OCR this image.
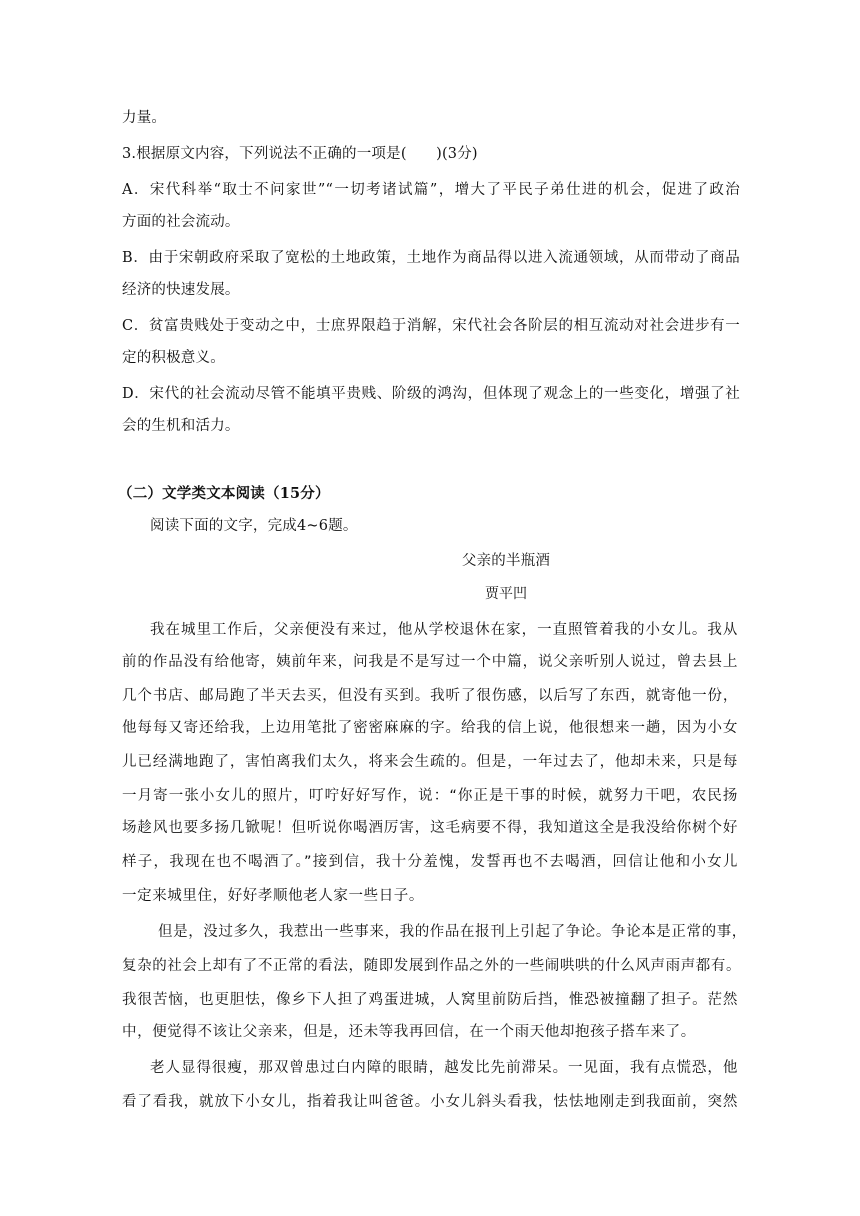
力量。
3.根据原文内容，下列说法不正确的一项是(　　)(3分)
A．宋代科举“取士不问家世”“一切考诸试篇”，增大了平民子弟仕进的机会，促进了政治
方面的社会流动。
B．由于宋朝政府采取了宽松的土地政策，土地作为商品得以进入流通领域，从而带动了商品
经济的快速发展。
C．贫富贵贱处于变动之中，士庶界限趋于消解，宋代社会各阶层的相互流动对社会进步有一
定的积极意义。
D．宋代的社会流动尽管不能填平贵贱、阶级的鸿沟，但体现了观念上的一些变化，增强了社
会的生机和活力。
（二）文学类文本阅读（15分）
阅读下面的文字，完成4~6题。
父亲的半瓶酒
贾平凹
我在城里工作后，父亲便没有来过，他从学校退休在家，一直照管着我的小女儿。我从
前的作品没有给他寄，姨前年来，问我是不是写过一个中篇，说父亲听别人说过，曾去县上
几个书店、邮局跑了半天去买，但没有买到。我听了很伤感，以后写了东西，就寄他一份，
他每每又寄还给我，上边用笔批了密密麻麻的字。给我的信上说，他很想来一趟，因为小女
儿已经满地跑了，害怕离我们太久，将来会生疏的。但是，一年过去了，他却未来，只是每
一月寄一张小女儿的照片，叮咛好好写作，说：“你正是干事的时候，就努力干吧，农民扬
场趁风也要多扬几锨呢！但听说你喝酒厉害，这毛病要不得，我知道这全是我没给你树个好
样子，我现在也不喝酒了。”接到信，我十分羞愧，发誓再也不去喝酒，回信让他和小女儿
一定来城里住，好好孝顺他老人家一些日子。
但是，没过多久，我惹出一些事来，我的作品在报刊上引起了争论。争论本是正常的事，
复杂的社会上却有了不正常的看法，随即发展到作品之外的一些闹哄哄的什么风声雨声都有。
我很苦恼，也更胆怯，像乡下人担了鸡蛋进城，人窝里前防后挡，惟恐被撞翻了担子。茫然
中，便觉得不该让父亲来，但是，还未等我再回信，在一个雨天他却抱孩子搭车来了。
老人显得很瘦，那双曾患过白内障的眼睛，越发比先前滞呆。一见面，我有点慌恐，他
看了看我，就放下小女儿，指着我让叫爸爸。小女儿斜头看我，怯怯地刚走到我面前，突然
